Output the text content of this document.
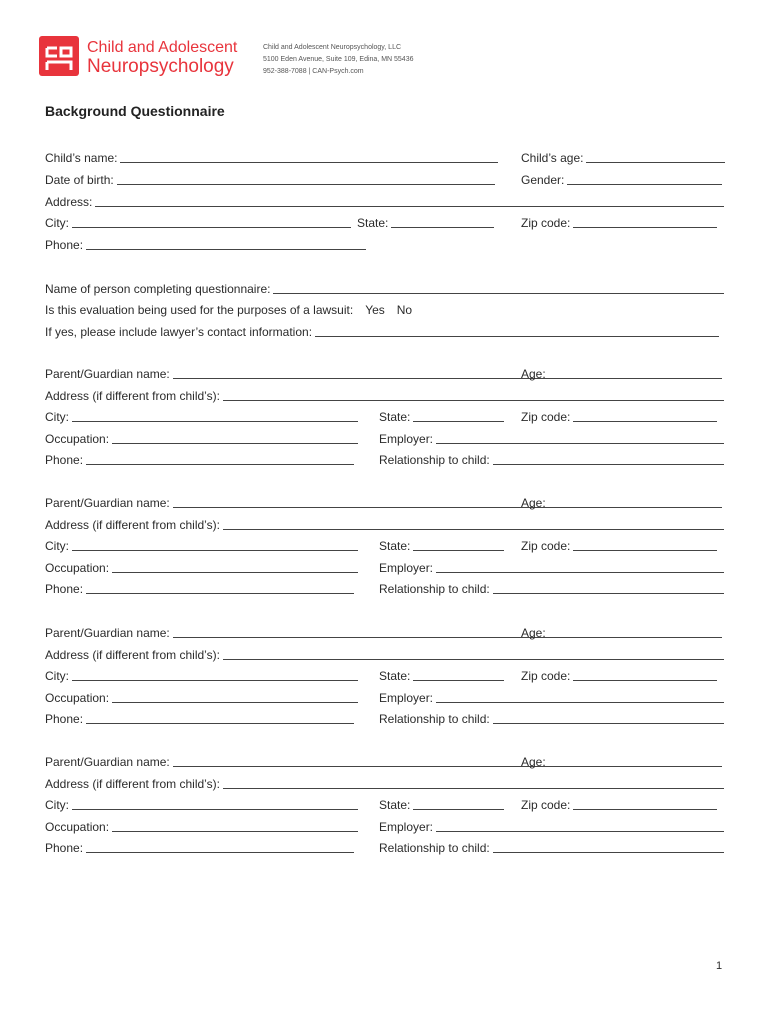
Child and Adolescent
Neuropsychology
Child and Adolescent Neuropsychology, LLC
5100 Eden Avenue, Suite 109, Edina, MN 55436
952-388-7088 | CAN-Psych.com
Background Questionnaire
Child’s name:	Child’s age:
Date of birth:	Gender:
Address:
City:	State:	Zip code:
Phone:
Name of person completing questionnaire:
Is this evaluation being used for the purposes of a lawsuit: Yes No
If yes, please include lawyer’s contact information:
Parent/Guardian name:	Age:
Address (if different from child’s):
City:	State:	Zip code:
Occupation:	Employer:
Phone:	Relationship to child:
Parent/Guardian name:	Age:
Address (if different from child’s):
City:	State:	Zip code:
Occupation:	Employer:
Phone:	Relationship to child:
Parent/Guardian name:	Age:
Address (if different from child’s):
City:	State:	Zip code:
Occupation:	Employer:
Phone:	Relationship to child:
Parent/Guardian name:	Age:
Address (if different from child’s):
City:	State:	Zip code:
Occupation:	Employer:
Phone:	Relationship to child:
1
